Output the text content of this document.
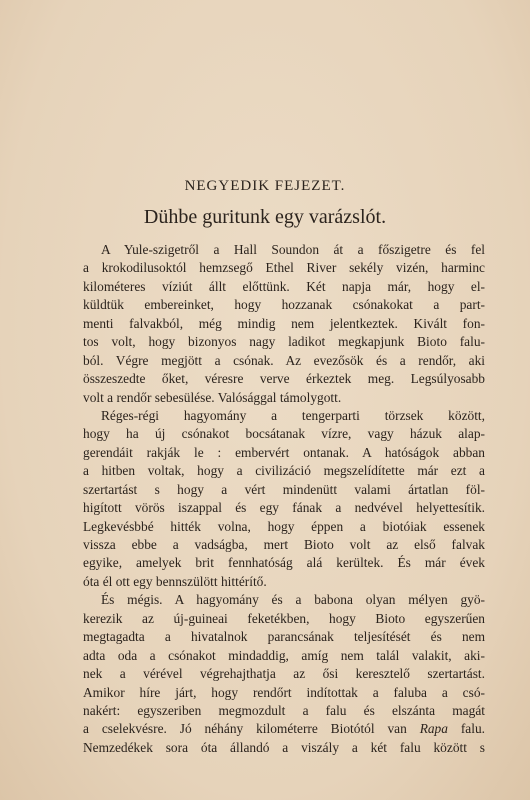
NEGYEDIK FEJEZET.
Dühbe guritunk egy varázslót.
A Yule-szigetről a Hall Soundon át a főszigetre és fel
a krokodilusoktól hemzsegő Ethel River sekély vizén, harminc
kilométeres víziút állt előttünk. Két napja már, hogy el-
küldtük embereinket, hogy hozzanak csónakokat a part-
menti falvakból, még mindig nem jelentkeztek. Kivált fon-
tos volt, hogy bizonyos nagy ladikot megkapjunk Bioto falu-
ból. Végre megjött a csónak. Az evezősök és a rendőr, aki
összeszedte őket, véresre verve érkeztek meg. Legsúlyosabb
volt a rendőr sebesülése. Valósággal támolygott.
Réges-régi hagyomány a tengerparti törzsek között,
hogy ha új csónakot bocsátanak vízre, vagy házuk alap-
gerendáit rakják le : embervért ontanak. A hatóságok abban
a hitben voltak, hogy a civilizáció megszelídítette már ezt a
szertartást s hogy a vért mindenütt valami ártatlan föl-
higított vörös iszappal és egy fának a nedvével helyettesítik.
Legkevésbbé hitték volna, hogy éppen a biotóiak essenek
vissza ebbe a vadságba, mert Bioto volt az első falvak
egyike, amelyek brit fennhatóság alá kerültek. És már évek
óta él ott egy bennszülött hittérítő.
És mégis. A hagyomány és a babona olyan mélyen gyö-
kerezik az új-guineai feketékben, hogy Bioto egyszerűen
megtagadta a hivatalnok parancsának teljesítését és nem
adta oda a csónakot mindaddig, amíg nem talál valakit, aki-
nek a vérével végrehajthatja az ősi keresztelő szertartást.
Amikor híre járt, hogy rendőrt indítottak a faluba a csó-
nakért: egyszeriben megmozdult a falu és elszánta magát
a cselekvésre. Jó néhány kilométerre Biotótól van Rapa falu.
Nemzedékek sora óta állandó a viszály a két falu között s
